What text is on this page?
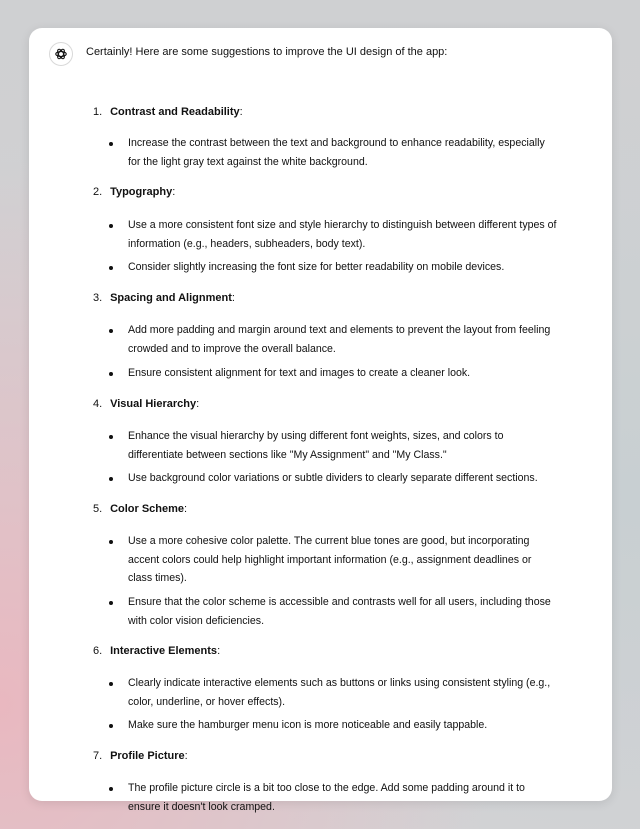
Certainly! Here are some suggestions to improve the UI design of the app:
1. Contrast and Readability:
Increase the contrast between the text and background to enhance readability, especially for the light gray text against the white background.
2. Typography:
Use a more consistent font size and style hierarchy to distinguish between different types of information (e.g., headers, subheaders, body text).
Consider slightly increasing the font size for better readability on mobile devices.
3. Spacing and Alignment:
Add more padding and margin around text and elements to prevent the layout from feeling crowded and to improve the overall balance.
Ensure consistent alignment for text and images to create a cleaner look.
4. Visual Hierarchy:
Enhance the visual hierarchy by using different font weights, sizes, and colors to differentiate between sections like "My Assignment" and "My Class."
Use background color variations or subtle dividers to clearly separate different sections.
5. Color Scheme:
Use a more cohesive color palette. The current blue tones are good, but incorporating accent colors could help highlight important information (e.g., assignment deadlines or class times).
Ensure that the color scheme is accessible and contrasts well for all users, including those with color vision deficiencies.
6. Interactive Elements:
Clearly indicate interactive elements such as buttons or links using consistent styling (e.g., color, underline, or hover effects).
Make sure the hamburger menu icon is more noticeable and easily tappable.
7. Profile Picture:
The profile picture circle is a bit too close to the edge. Add some padding around it to ensure it doesn't look cramped.
